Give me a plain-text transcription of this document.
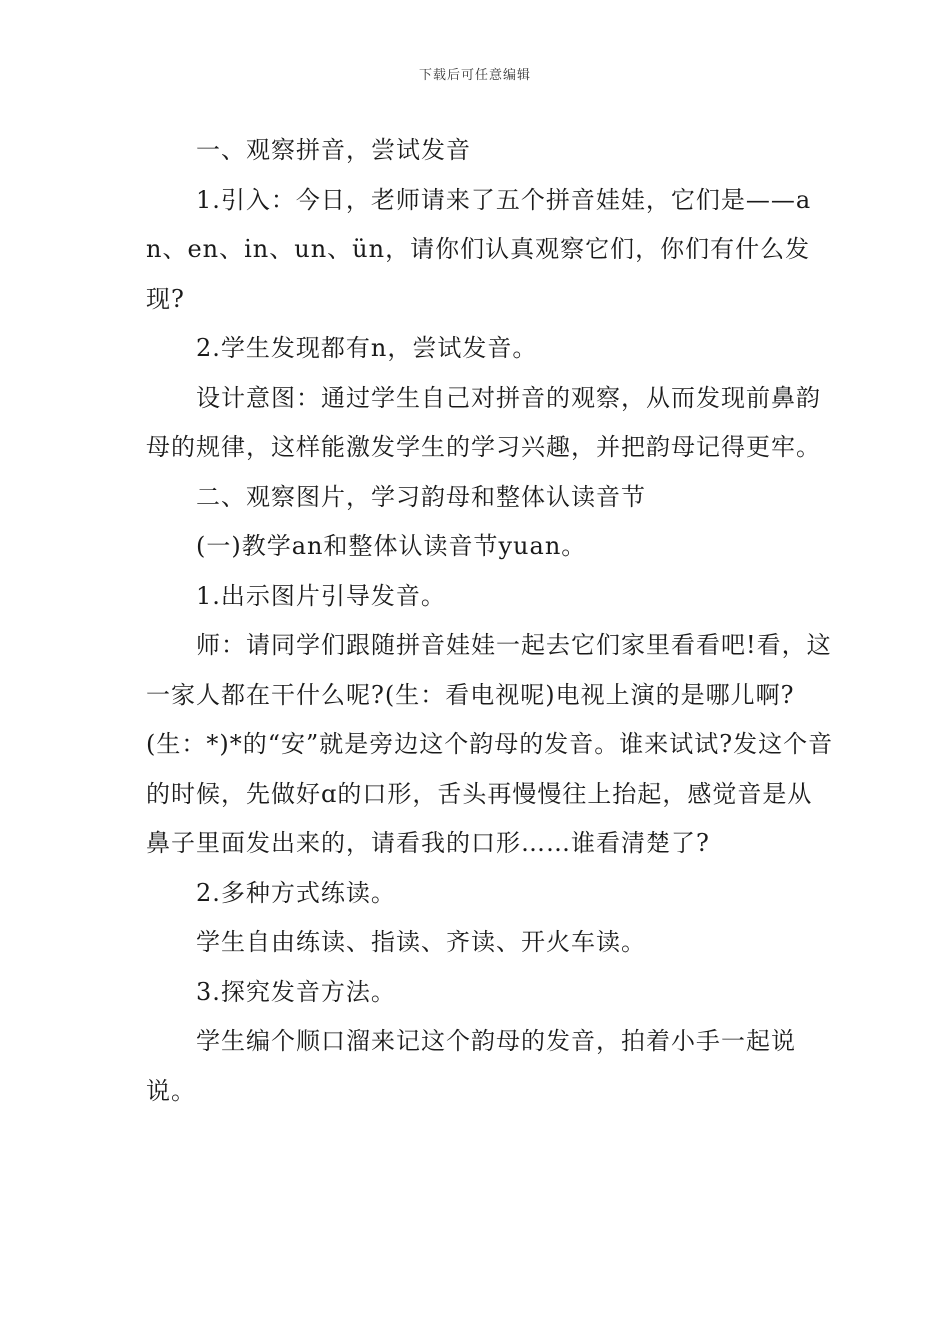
下载后可任意编辑

一、观察拼音，尝试发音

1.引入：今日，老师请来了五个拼音娃娃，它们是——an、en、in、un、ün，请你们认真观察它们，你们有什么发现?

2.学生发现都有n，尝试发音。

设计意图：通过学生自己对拼音的观察，从而发现前鼻韵母的规律，这样能激发学生的学习兴趣，并把韵母记得更牢。

二、观察图片，学习韵母和整体认读音节

(一)教学an和整体认读音节yuan。

1.出示图片引导发音。

师：请同学们跟随拼音娃娃一起去它们家里看看吧!看，这一家人都在干什么呢?(生：看电视呢)电视上演的是哪儿啊?(生：*)*的“安”就是旁边这个韵母的发音。谁来试试?发这个音的时候，先做好ɑ的口形，舌头再慢慢往上抬起，感觉音是从鼻子里面发出来的，请看我的口形……谁看清楚了?

2.多种方式练读。

学生自由练读、指读、齐读、开火车读。

3.探究发音方法。

学生编个顺口溜来记这个韵母的发音，拍着小手一起说说。
